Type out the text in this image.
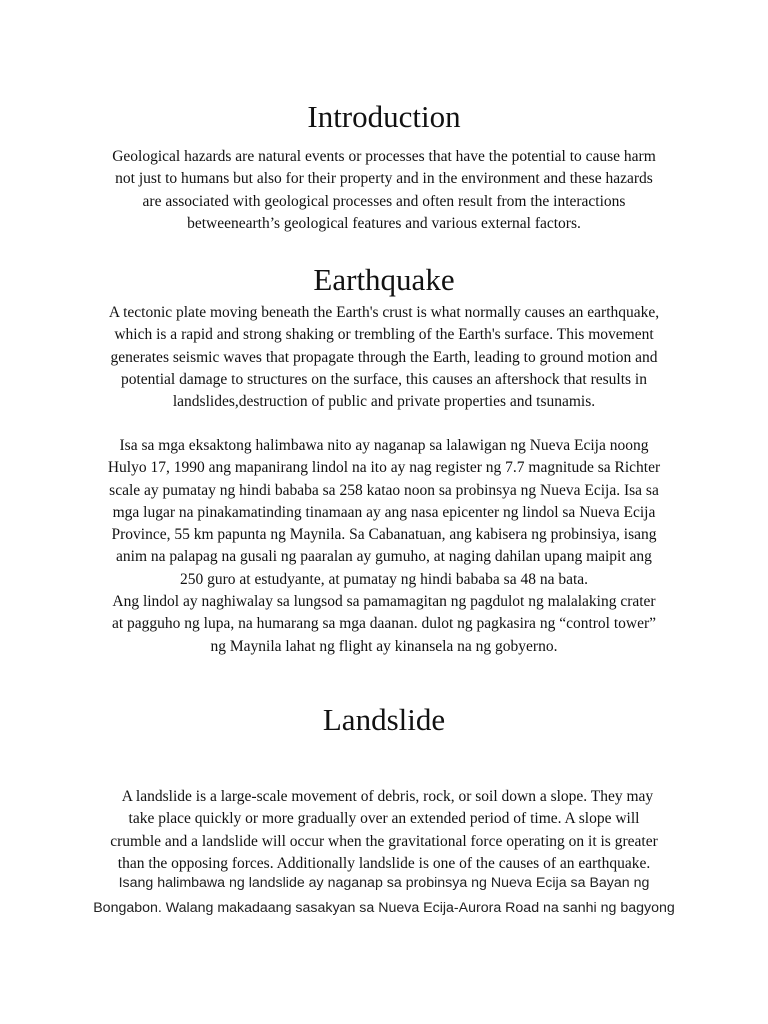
Introduction
Geological hazards are natural events or processes that have the potential to cause harm
not just to humans but also for their property and in the environment and these hazards
are associated with geological processes and often result from the interactions
betweenearth’s geological features and various external factors.
Earthquake
A tectonic plate moving beneath the Earth's crust is what normally causes an earthquake,
which is a rapid and strong shaking or trembling of the Earth's surface. This movement
generates seismic waves that propagate through the Earth, leading to ground motion and
potential damage to structures on the surface, this causes an aftershock that results in
landslides,destruction of public and private properties and tsunamis.
Isa sa mga eksaktong halimbawa nito ay naganap sa lalawigan ng Nueva Ecija noong
Hulyo 17, 1990 ang mapanirang lindol na ito ay nag register ng 7.7 magnitude sa Richter
scale ay pumatay ng hindi bababa sa 258 katao noon sa probinsya ng Nueva Ecija. Isa sa
mga lugar na pinakamatinding tinamaan ay ang nasa epicenter ng lindol sa Nueva Ecija
Province, 55 km papunta ng Maynila. Sa Cabanatuan, ang kabisera ng probinsiya, isang
anim na palapag na gusali ng paaralan ay gumuho, at naging dahilan upang maipit ang
250 guro at estudyante, at pumatay ng hindi bababa sa 48 na bata.
Ang lindol ay naghiwalay sa lungsod sa pamamagitan ng pagdulot ng malalaking crater
at pagguho ng lupa, na humarang sa mga daanan. dulot ng pagkasira ng “control tower”
ng Maynila lahat ng flight ay kinansela na ng gobyerno.
Landslide
A landslide is a large-scale movement of debris, rock, or soil down a slope. They may
take place quickly or more gradually over an extended period of time. A slope will
crumble and a landslide will occur when the gravitational force operating on it is greater
than the opposing forces. Additionally landslide is one of the causes of an earthquake.
Isang halimbawa ng landslide ay naganap sa probinsya ng Nueva Ecija sa Bayan ng
Bongabon. Walang makadaang sasakyan sa Nueva Ecija-Aurora Road na sanhi ng bagyong
